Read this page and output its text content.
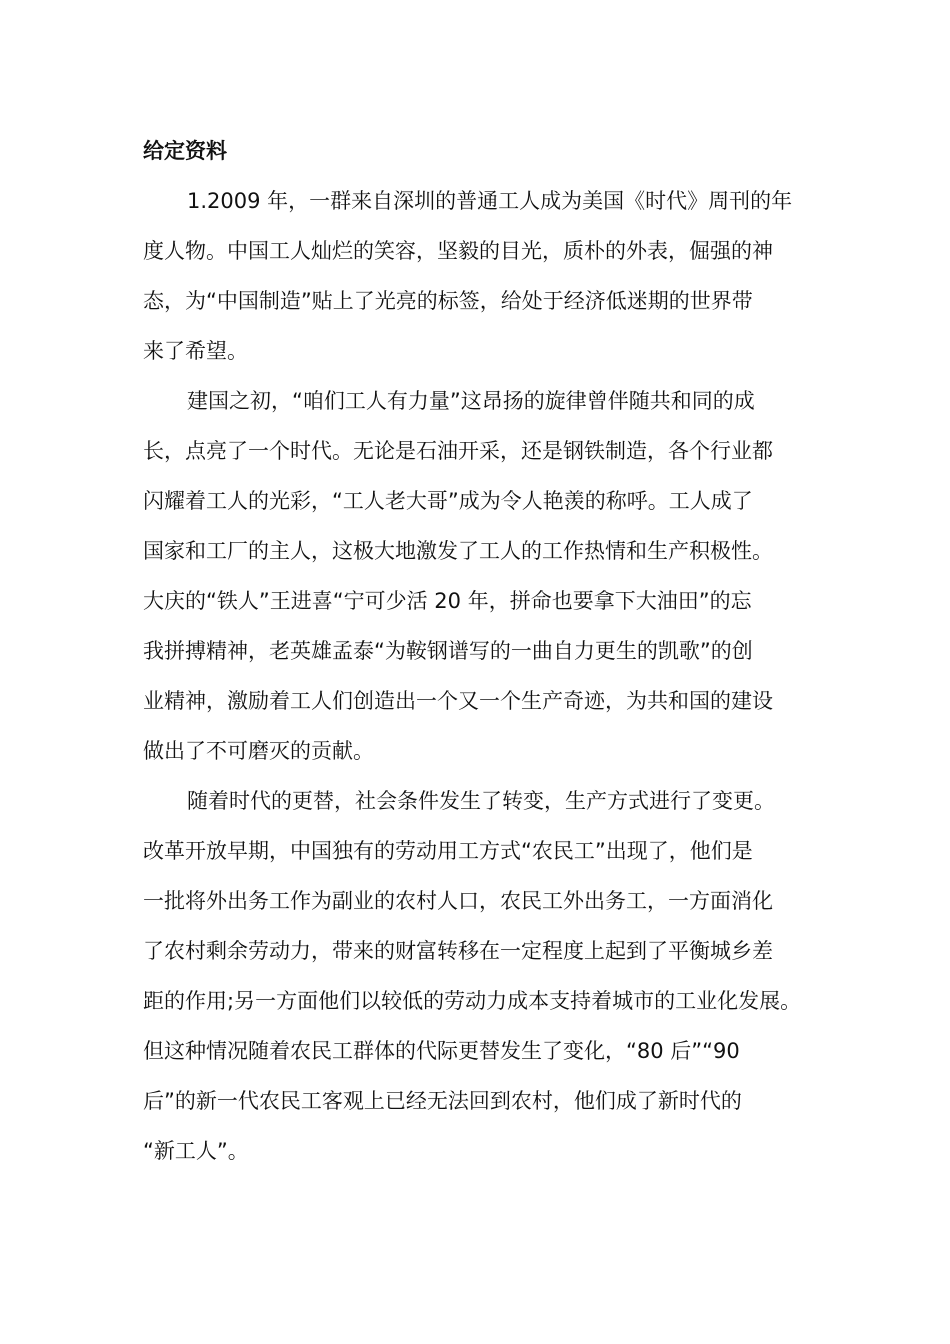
给定资料

1.2009 年，一群来自深圳的普通工人成为美国《时代》周刊的年
度人物。中国工人灿烂的笑容，坚毅的目光，质朴的外表，倔强的神
态，为“中国制造”贴上了光亮的标签，给处于经济低迷期的世界带
来了希望。

建国之初，“咱们工人有力量”这昂扬的旋律曾伴随共和同的成
长，点亮了一个时代。无论是石油开采，还是钢铁制造，各个行业都
闪耀着工人的光彩，“工人老大哥”成为令人艳羡的称呼。工人成了
国家和工厂的主人，这极大地激发了工人的工作热情和生产积极性。
大庆的“铁人”王进喜“宁可少活 20 年，拼命也要拿下大油田”的忘
我拼搏精神，老英雄孟泰“为鞍钢谱写的一曲自力更生的凯歌”的创
业精神，激励着工人们创造出一个又一个生产奇迹，为共和国的建设
做出了不可磨灭的贡献。

随着时代的更替，社会条件发生了转变，生产方式进行了变更。
改革开放早期，中国独有的劳动用工方式“农民工”出现了，他们是
一批将外出务工作为副业的农村人口，农民工外出务工，一方面消化
了农村剩余劳动力，带来的财富转移在一定程度上起到了平衡城乡差
距的作用;另一方面他们以较低的劳动力成本支持着城市的工业化发展。
但这种情况随着农民工群体的代际更替发生了变化，“80 后”“90
后”的新一代农民工客观上已经无法回到农村，他们成了新时代的
“新工人”。
